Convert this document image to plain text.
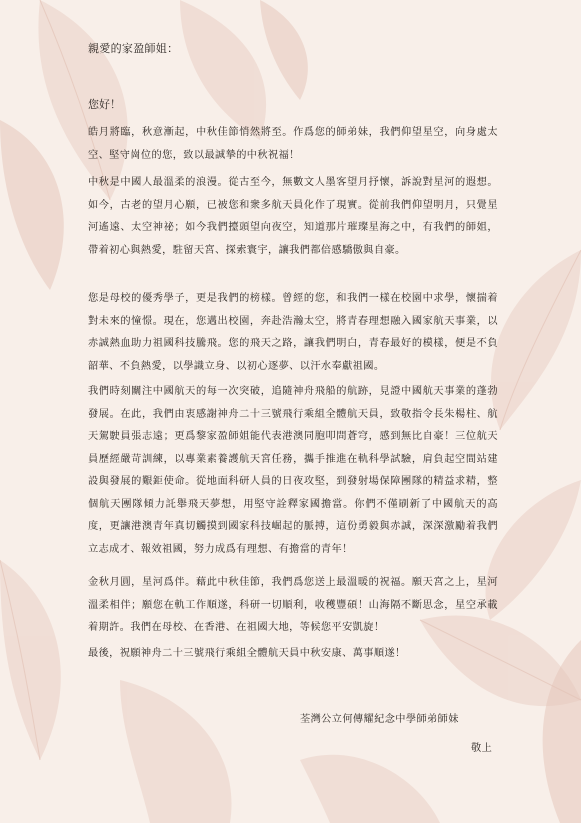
親愛的家盈師姐：
您好！

皓月將臨，秋意漸起，中秋佳節悄然將至。作爲您的師弟妹，我們仰望星空，向身處太空、堅守崗位的您，致以最誠摯的中秋祝福！

中秋是中國人最溫柔的浪漫。從古至今，無數文人墨客望月抒懷，訴說對星河的遐想。如今，古老的望月心願，已被您和衆多航天員化作了現實。從前我們仰望明月，只覺星河遙遠、太空神祕；如今我們擡頭望向夜空，知道那片璀璨星海之中，有我們的師姐，帶着初心與熱愛，駐留天宮、探索寰宇，讓我們都倍感驕傲與自豪。

您是母校的優秀學子，更是我們的榜樣。曾經的您，和我們一樣在校園中求學，懷揣着對未來的憧憬。現在，您邁出校園，奔赴浩瀚太空，將青春理想融入國家航天事業，以赤誠熱血助力祖國科技騰飛。您的飛天之路，讓我們明白，青春最好的模樣，便是不負韶華、不負熱愛，以學識立身、以初心逐夢、以汗水奉獻祖國。

我們時刻關注中國航天的每一次突破，追隨神舟飛船的航跡，見證中國航天事業的蓬勃發展。在此，我們由衷感謝神舟二十三號飛行乘組全體航天員，致敬指令長朱楊柱、航天駕駛員張志遠；更爲黎家盈師姐能代表港澳同胞叩問蒼穹，感到無比自豪！三位航天員歷經嚴苛訓練，以專業素養護航天宮任務，攜手推進在軌科學試驗，肩負起空間站建設與發展的艱鉅使命。從地面科研人員的日夜攻堅，到發射場保障團隊的精益求精，整個航天團隊傾力託舉飛天夢想，用堅守詮釋家國擔當。你們不僅刷新了中國航天的高度，更讓港澳青年真切觸摸到國家科技崛起的脈搏，這份勇毅與赤誠，深深激勵着我們立志成才、報效祖國，努力成爲有理想、有擔當的青年！

金秋月圓，星河爲伴。藉此中秋佳節，我們爲您送上最溫暖的祝福。願天宮之上，星河溫柔相伴；願您在軌工作順遂，科研一切順利，收穫豐碩！山海隔不斷思念，星空承載着期許。我們在母校、在香港、在祖國大地，等候您平安凱旋！

最後，祝願神舟二十三號飛行乘組全體航天員中秋安康、萬事順遂！

荃灣公立何傳耀紀念中學師弟師妹
敬上
